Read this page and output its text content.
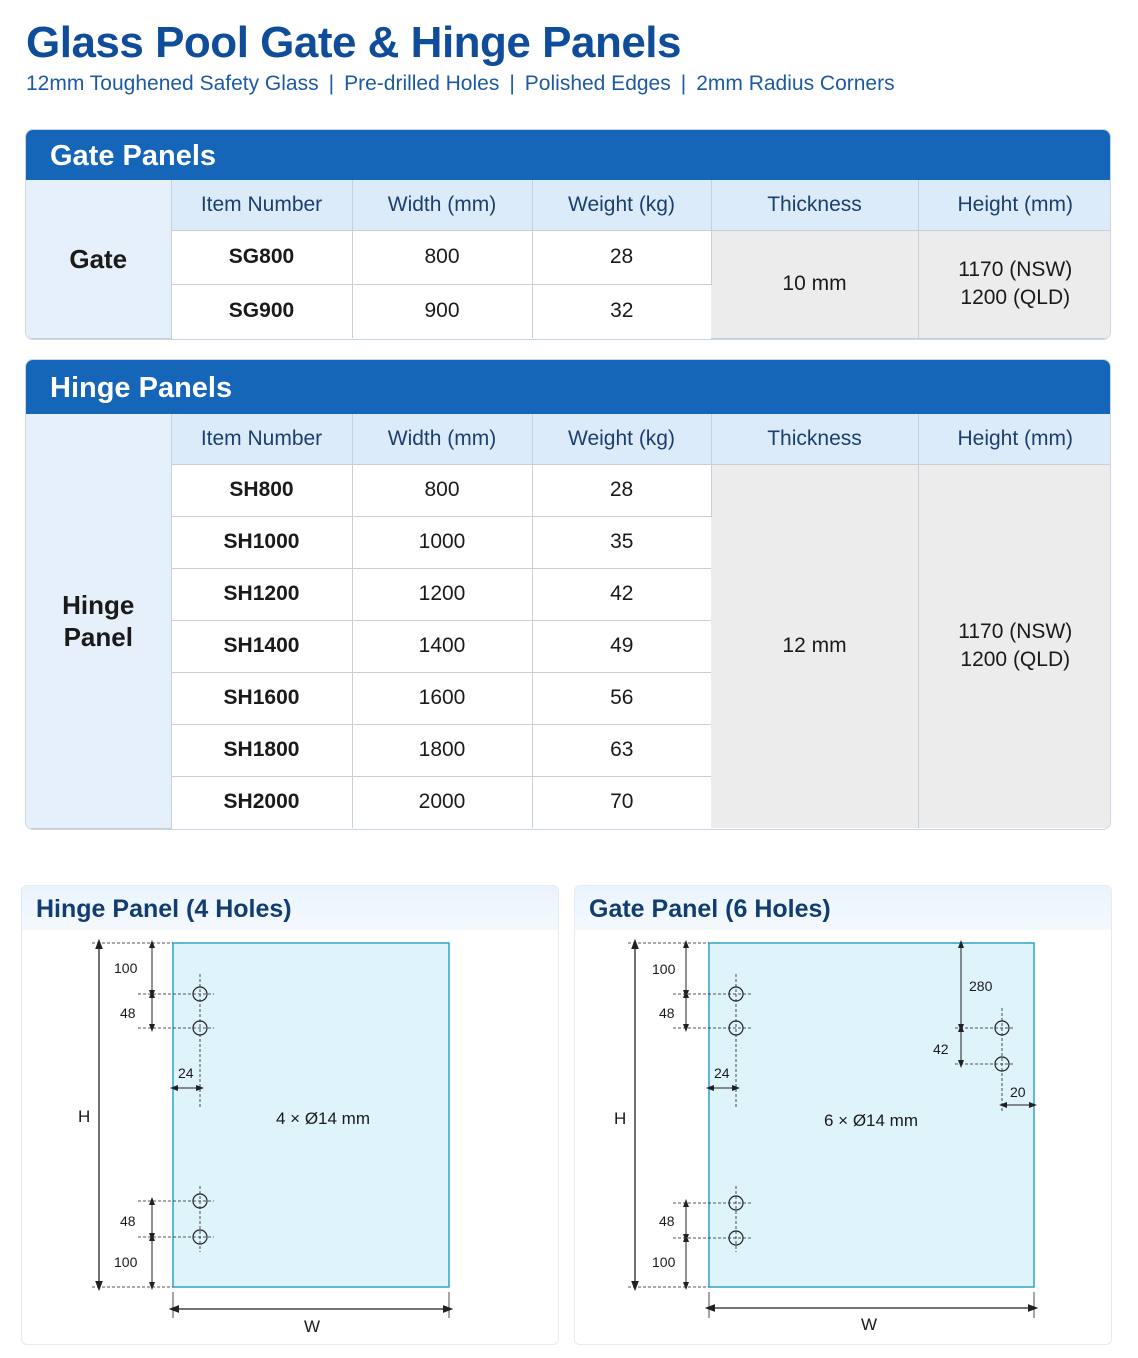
Glass Pool Gate & Hinge Panels
12mm Toughened Safety Glass | Pre-drilled Holes | Polished Edges | 2mm Radius Corners
Gate Panels
Gate	Item Number	Width (mm)	Weight (kg)	Thickness	Height (mm)
	SG800	800	28	10 mm	1170 (NSW)
1200 (QLD)
	SG900	900	32		
Hinge Panels
Hinge
Panel	Item Number	Width (mm)	Weight (kg)	Thickness	Height (mm)
	SH800	800	28	12 mm	1170 (NSW)
1200 (QLD)
	SH1000	1000	35		
	SH1200	1200	42		
	SH1400	1400	49		
	SH1600	1600	56		
	SH1800	1800	63		
	SH2000	2000	70		
Hinge Panel (4 Holes)
H
100
48
24
4 × Ø14 mm
48
100
W
Gate Panel (6 Holes)
H
100
48
24
280
42
20
6 × Ø14 mm
48
100
W
